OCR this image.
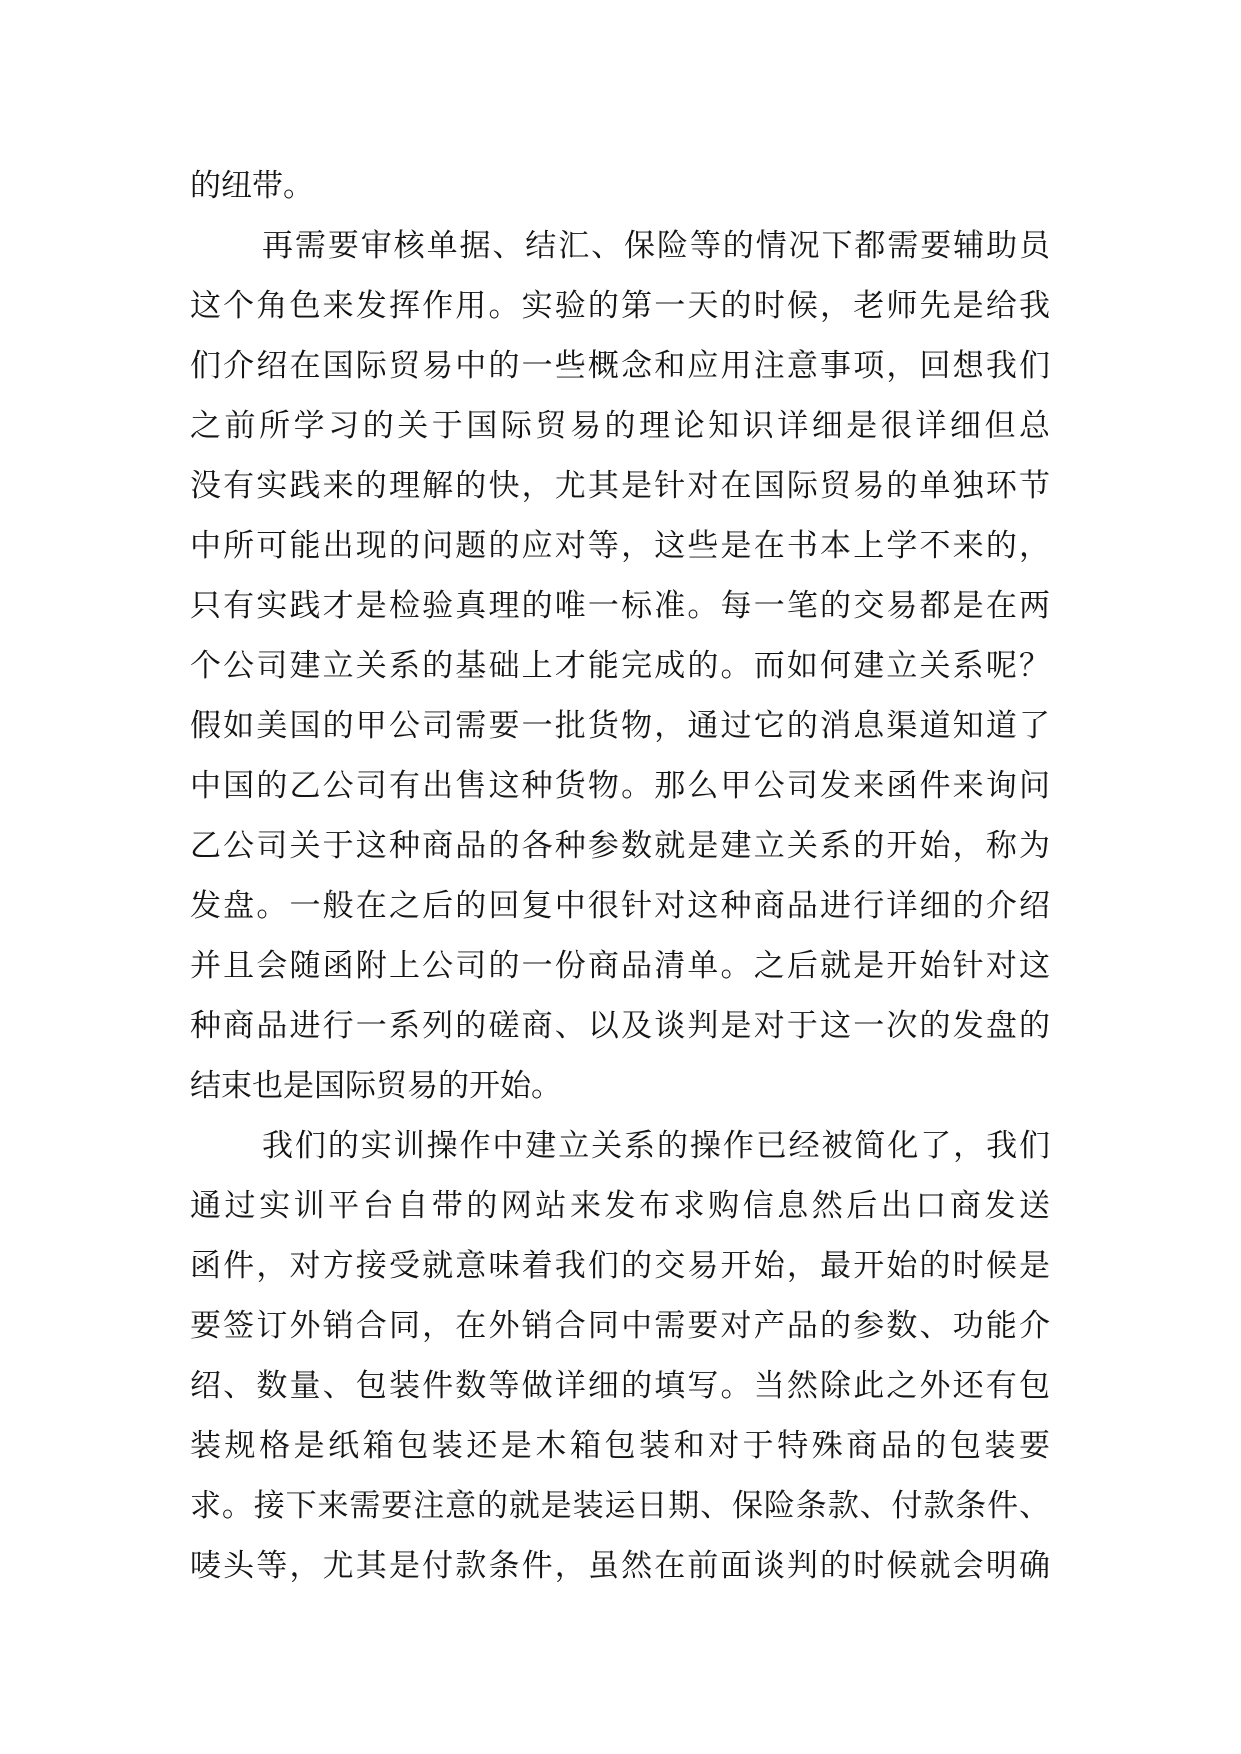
的纽带。
再需要审核单据、结汇、保险等的情况下都需要辅助员
这个角色来发挥作用。实验的第一天的时候，老师先是给我
们介绍在国际贸易中的一些概念和应用注意事项，回想我们
之前所学习的关于国际贸易的理论知识详细是很详细但总
没有实践来的理解的快，尤其是针对在国际贸易的单独环节
中所可能出现的问题的应对等，这些是在书本上学不来的，
只有实践才是检验真理的唯一标准。每一笔的交易都是在两
个公司建立关系的基础上才能完成的。而如何建立关系呢？
假如美国的甲公司需要一批货物，通过它的消息渠道知道了
中国的乙公司有出售这种货物。那么甲公司发来函件来询问
乙公司关于这种商品的各种参数就是建立关系的开始，称为
发盘。一般在之后的回复中很针对这种商品进行详细的介绍
并且会随函附上公司的一份商品清单。之后就是开始针对这
种商品进行一系列的磋商、以及谈判是对于这一次的发盘的
结束也是国际贸易的开始。
我们的实训操作中建立关系的操作已经被简化了，我们
通过实训平台自带的网站来发布求购信息然后出口商发送
函件，对方接受就意味着我们的交易开始，最开始的时候是
要签订外销合同，在外销合同中需要对产品的参数、功能介
绍、数量、包装件数等做详细的填写。当然除此之外还有包
装规格是纸箱包装还是木箱包装和对于特殊商品的包装要
求。接下来需要注意的就是装运日期、保险条款、付款条件、
唛头等，尤其是付款条件，虽然在前面谈判的时候就会明确
